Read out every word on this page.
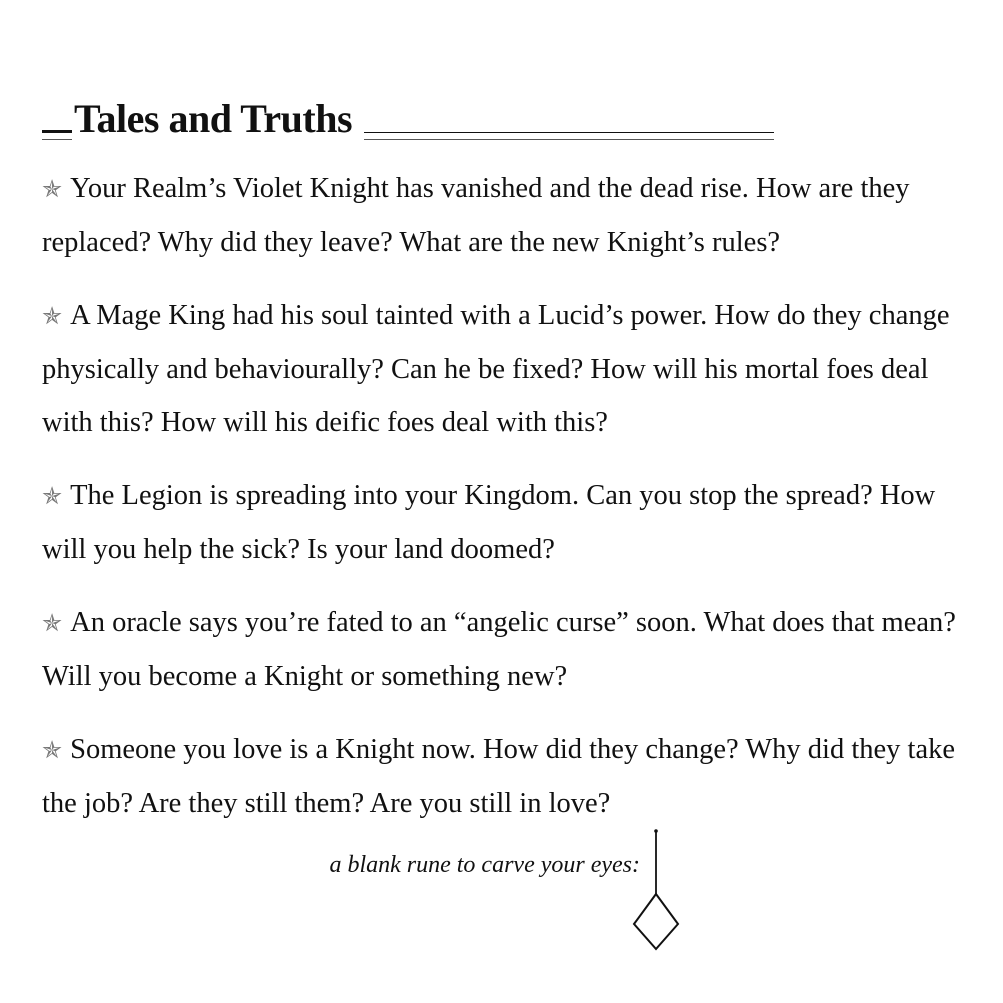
Tales and Truths

✯ Your Realm’s Violet Knight has vanished and the dead rise. How are they replaced? Why did they leave? What are the new Knight’s rules?

✯ A Mage King had his soul tainted with a Lucid’s power. How do they change physically and behaviourally? Can he be fixed? How will his mortal foes deal with this? How will his deific foes deal with this?

✯ The Legion is spreading into your Kingdom. Can you stop the spread? How will you help the sick? Is your land doomed?

✯ An oracle says you’re fated to an “angelic curse” soon. What does that mean? Will you become a Knight or something new?

✯ Someone you love is a Knight now. How did they change? Why did they take the job? Are they still them? Are you still in love?

a blank rune to carve your eyes:
